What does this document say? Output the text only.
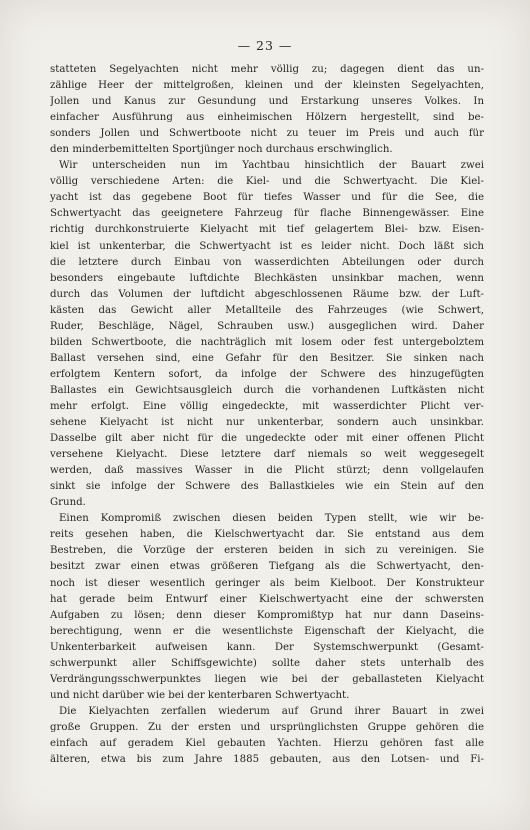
— 23 —
statteten Segelyachten nicht mehr völlig zu; dagegen dient das un-
zählige Heer der mittelgroßen, kleinen und der kleinsten Segelyachten,
Jollen und Kanus zur Gesundung und Erstarkung unseres Volkes. In
einfacher Ausführung aus einheimischen Hölzern hergestellt, sind be-
sonders Jollen und Schwertboote nicht zu teuer im Preis und auch für
den minderbemittelten Sportjünger noch durchaus erschwinglich.
Wir unterscheiden nun im Yachtbau hinsichtlich der Bauart zwei
völlig verschiedene Arten: die Kiel- und die Schwertyacht. Die Kiel-
yacht ist das gegebene Boot für tiefes Wasser und für die See, die
Schwertyacht das geeignetere Fahrzeug für flache Binnengewässer. Eine
richtig durchkonstruierte Kielyacht mit tief gelagertem Blei- bzw. Eisen-
kiel ist unkenterbar, die Schwertyacht ist es leider nicht. Doch läßt sich
die letztere durch Einbau von wasserdichten Abteilungen oder durch
besonders eingebaute luftdichte Blechkästen unsinkbar machen, wenn
durch das Volumen der luftdicht abgeschlossenen Räume bzw. der Luft-
kästen das Gewicht aller Metallteile des Fahrzeuges (wie Schwert,
Ruder, Beschläge, Nägel, Schrauben usw.) ausgeglichen wird. Daher
bilden Schwertboote, die nachträglich mit losem oder fest untergebolztem
Ballast versehen sind, eine Gefahr für den Besitzer. Sie sinken nach
erfolgtem Kentern sofort, da infolge der Schwere des hinzugefügten
Ballastes ein Gewichtsausgleich durch die vorhandenen Luftkästen nicht
mehr erfolgt. Eine völlig eingedeckte, mit wasserdichter Plicht ver-
sehene Kielyacht ist nicht nur unkenterbar, sondern auch unsinkbar.
Dasselbe gilt aber nicht für die ungedeckte oder mit einer offenen Plicht
versehene Kielyacht. Diese letztere darf niemals so weit weggesegelt
werden, daß massives Wasser in die Plicht stürzt; denn vollgelaufen
sinkt sie infolge der Schwere des Ballastkieles wie ein Stein auf den
Grund.
Einen Kompromiß zwischen diesen beiden Typen stellt, wie wir be-
reits gesehen haben, die Kielschwertyacht dar. Sie entstand aus dem
Bestreben, die Vorzüge der ersteren beiden in sich zu vereinigen. Sie
besitzt zwar einen etwas größeren Tiefgang als die Schwertyacht, den-
noch ist dieser wesentlich geringer als beim Kielboot. Der Konstrukteur
hat gerade beim Entwurf einer Kielschwertyacht eine der schwersten
Aufgaben zu lösen; denn dieser Kompromißtyp hat nur dann Daseins-
berechtigung, wenn er die wesentlichste Eigenschaft der Kielyacht, die
Unkenterbarkeit aufweisen kann. Der Systemschwerpunkt (Gesamt-
schwerpunkt aller Schiffsgewichte) sollte daher stets unterhalb des
Verdrängungsschwerpunktes liegen wie bei der geballasteten Kielyacht
und nicht darüber wie bei der kenterbaren Schwertyacht.
Die Kielyachten zerfallen wiederum auf Grund ihrer Bauart in zwei
große Gruppen. Zu der ersten und ursprünglichsten Gruppe gehören die
einfach auf geradem Kiel gebauten Yachten. Hierzu gehören fast alle
älteren, etwa bis zum Jahre 1885 gebauten, aus den Lotsen- und Fi-
